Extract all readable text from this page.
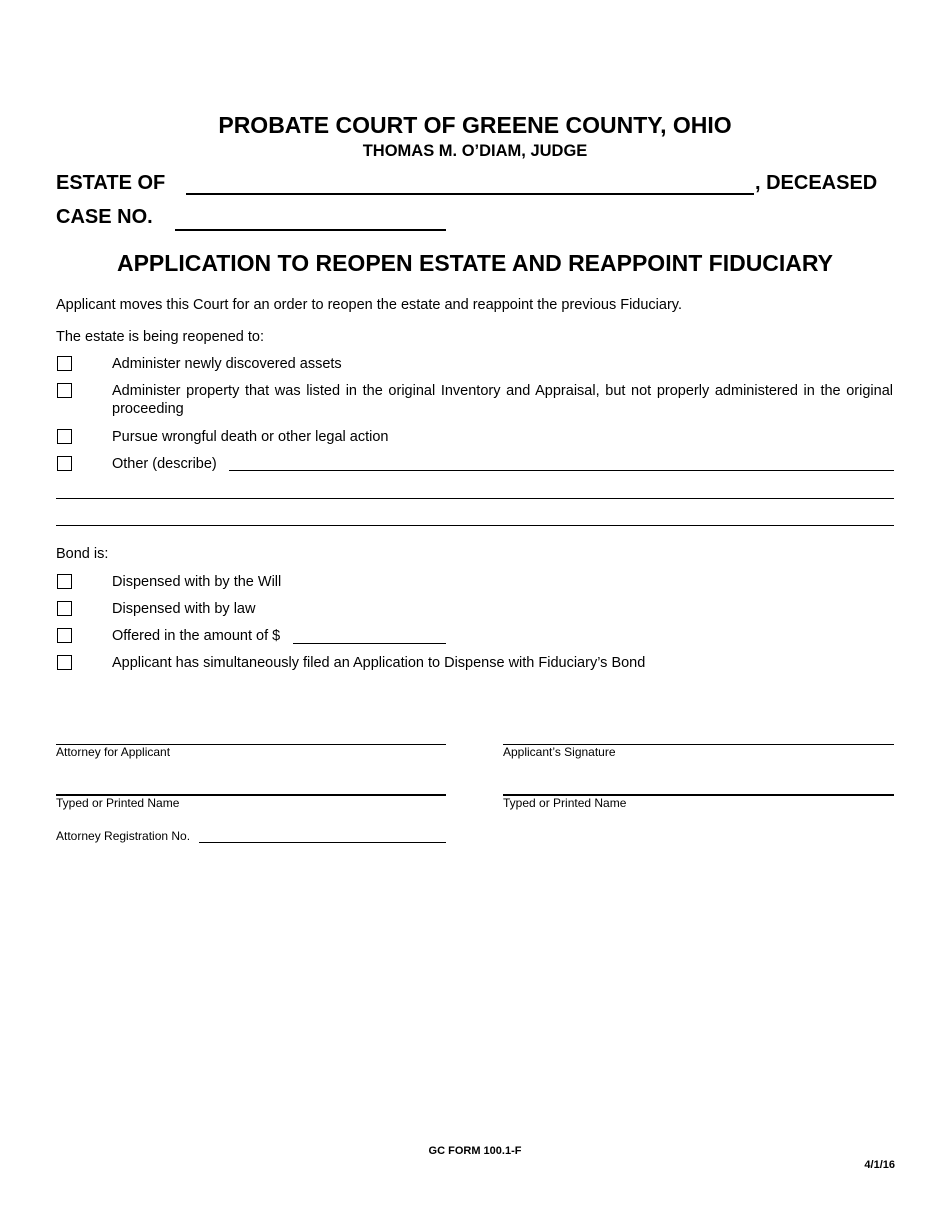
PROBATE COURT OF GREENE COUNTY, OHIO
THOMAS M. O’DIAM, JUDGE
ESTATE OF	, DECEASED
CASE NO.
APPLICATION TO REOPEN ESTATE AND REAPPOINT FIDUCIARY
Applicant moves this Court for an order to reopen the estate and reappoint the previous Fiduciary.
The estate is being reopened to:
Administer newly discovered assets
Administer property that was listed in the original Inventory and Appraisal, but not properly administered in the original proceeding
Pursue wrongful death or other legal action
Other (describe)
Bond is:
Dispensed with by the Will
Dispensed with by law
Offered in the amount of $
Applicant has simultaneously filed an Application to Dispense with Fiduciary’s Bond
Attorney for Applicant	Applicant’s Signature
Typed or Printed Name	Typed or Printed Name
Attorney Registration No.
GC FORM 100.1-F
4/1/16
